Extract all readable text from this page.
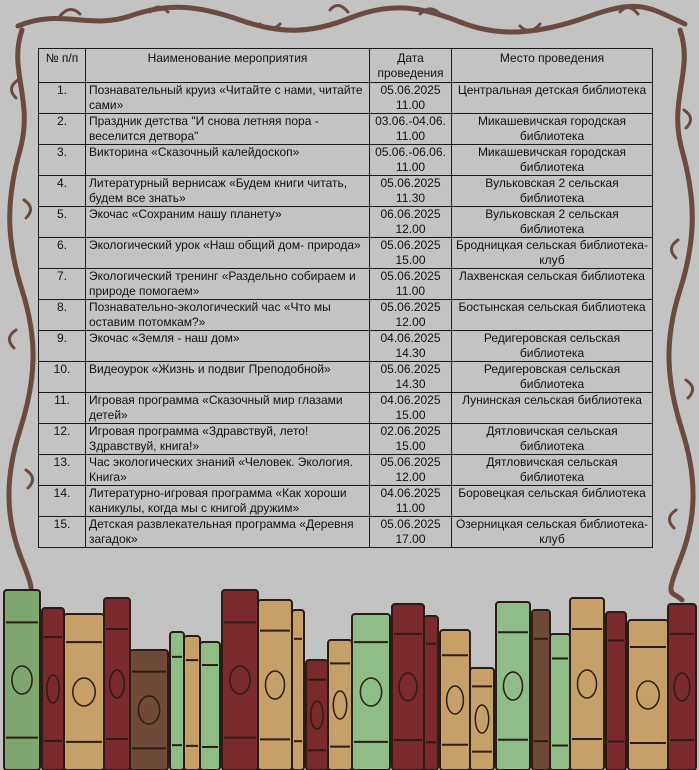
№ п/п	Наименование мероприятия	Дата проведения	Место проведения
1.	Познавательный круиз «Читайте с нами, читайте сами»	05.06.2025 11.00	Центральная детская библиотека
2.	Праздник детства "И снова летняя пора - веселится детвора"	03.06.-04.06. 11.00	Микашевичская городская библиотека
3.	Викторина «Сказочный калейдоскоп»	05.06.-06.06. 11.00	Микашевичская городская библиотека
4.	Литературный вернисаж «Будем книги читать, будем все знать»	05.06.2025 11.30	Вульковская 2 сельская библиотека
5.	Экочас «Сохраним нашу планету»	06.06.2025 12.00	Вульковская 2 сельская библиотека
6.	Экологический урок «Наш общий дом- природа»	05.06.2025 15.00	Бродницкая сельская библиотека-клуб
7.	Экологический тренинг «Раздельно собираем и природе помогаем»	05.06.2025 11.00	Лахвенская сельская библиотека
8.	Познавательно-экологический час «Что мы оставим потомкам?»	05.06.2025 12.00	Бостынская сельская библиотека
9.	Экочас «Земля - наш дом»	04.06.2025 14.30	Редигеровская сельская библиотека
10.	Видеоурок «Жизнь и подвиг Преподобной»	05.06.2025 14.30	Редигеровская сельская библиотека
11.	Игровая программа «Сказочный мир глазами детей»	04.06.2025 15.00	Лунинская сельская библиотека
12.	Игровая программа «Здравствуй, лето! Здравствуй, книга!»	02.06.2025 15.00	Дятловичская сельская библиотека
13.	Час экологических знаний «Человек. Экология. Книга»	05.06.2025 12.00	Дятловичская сельская библиотека
14.	Литературно-игровая программа «Как хороши каникулы, когда мы с книгой дружим»	04.06.2025 11.00	Боровецкая сельская библиотека
15.	Детская развлекательная программа «Деревня загадок»	05.06.2025 17.00	Озерницкая сельская библиотека-клуб
